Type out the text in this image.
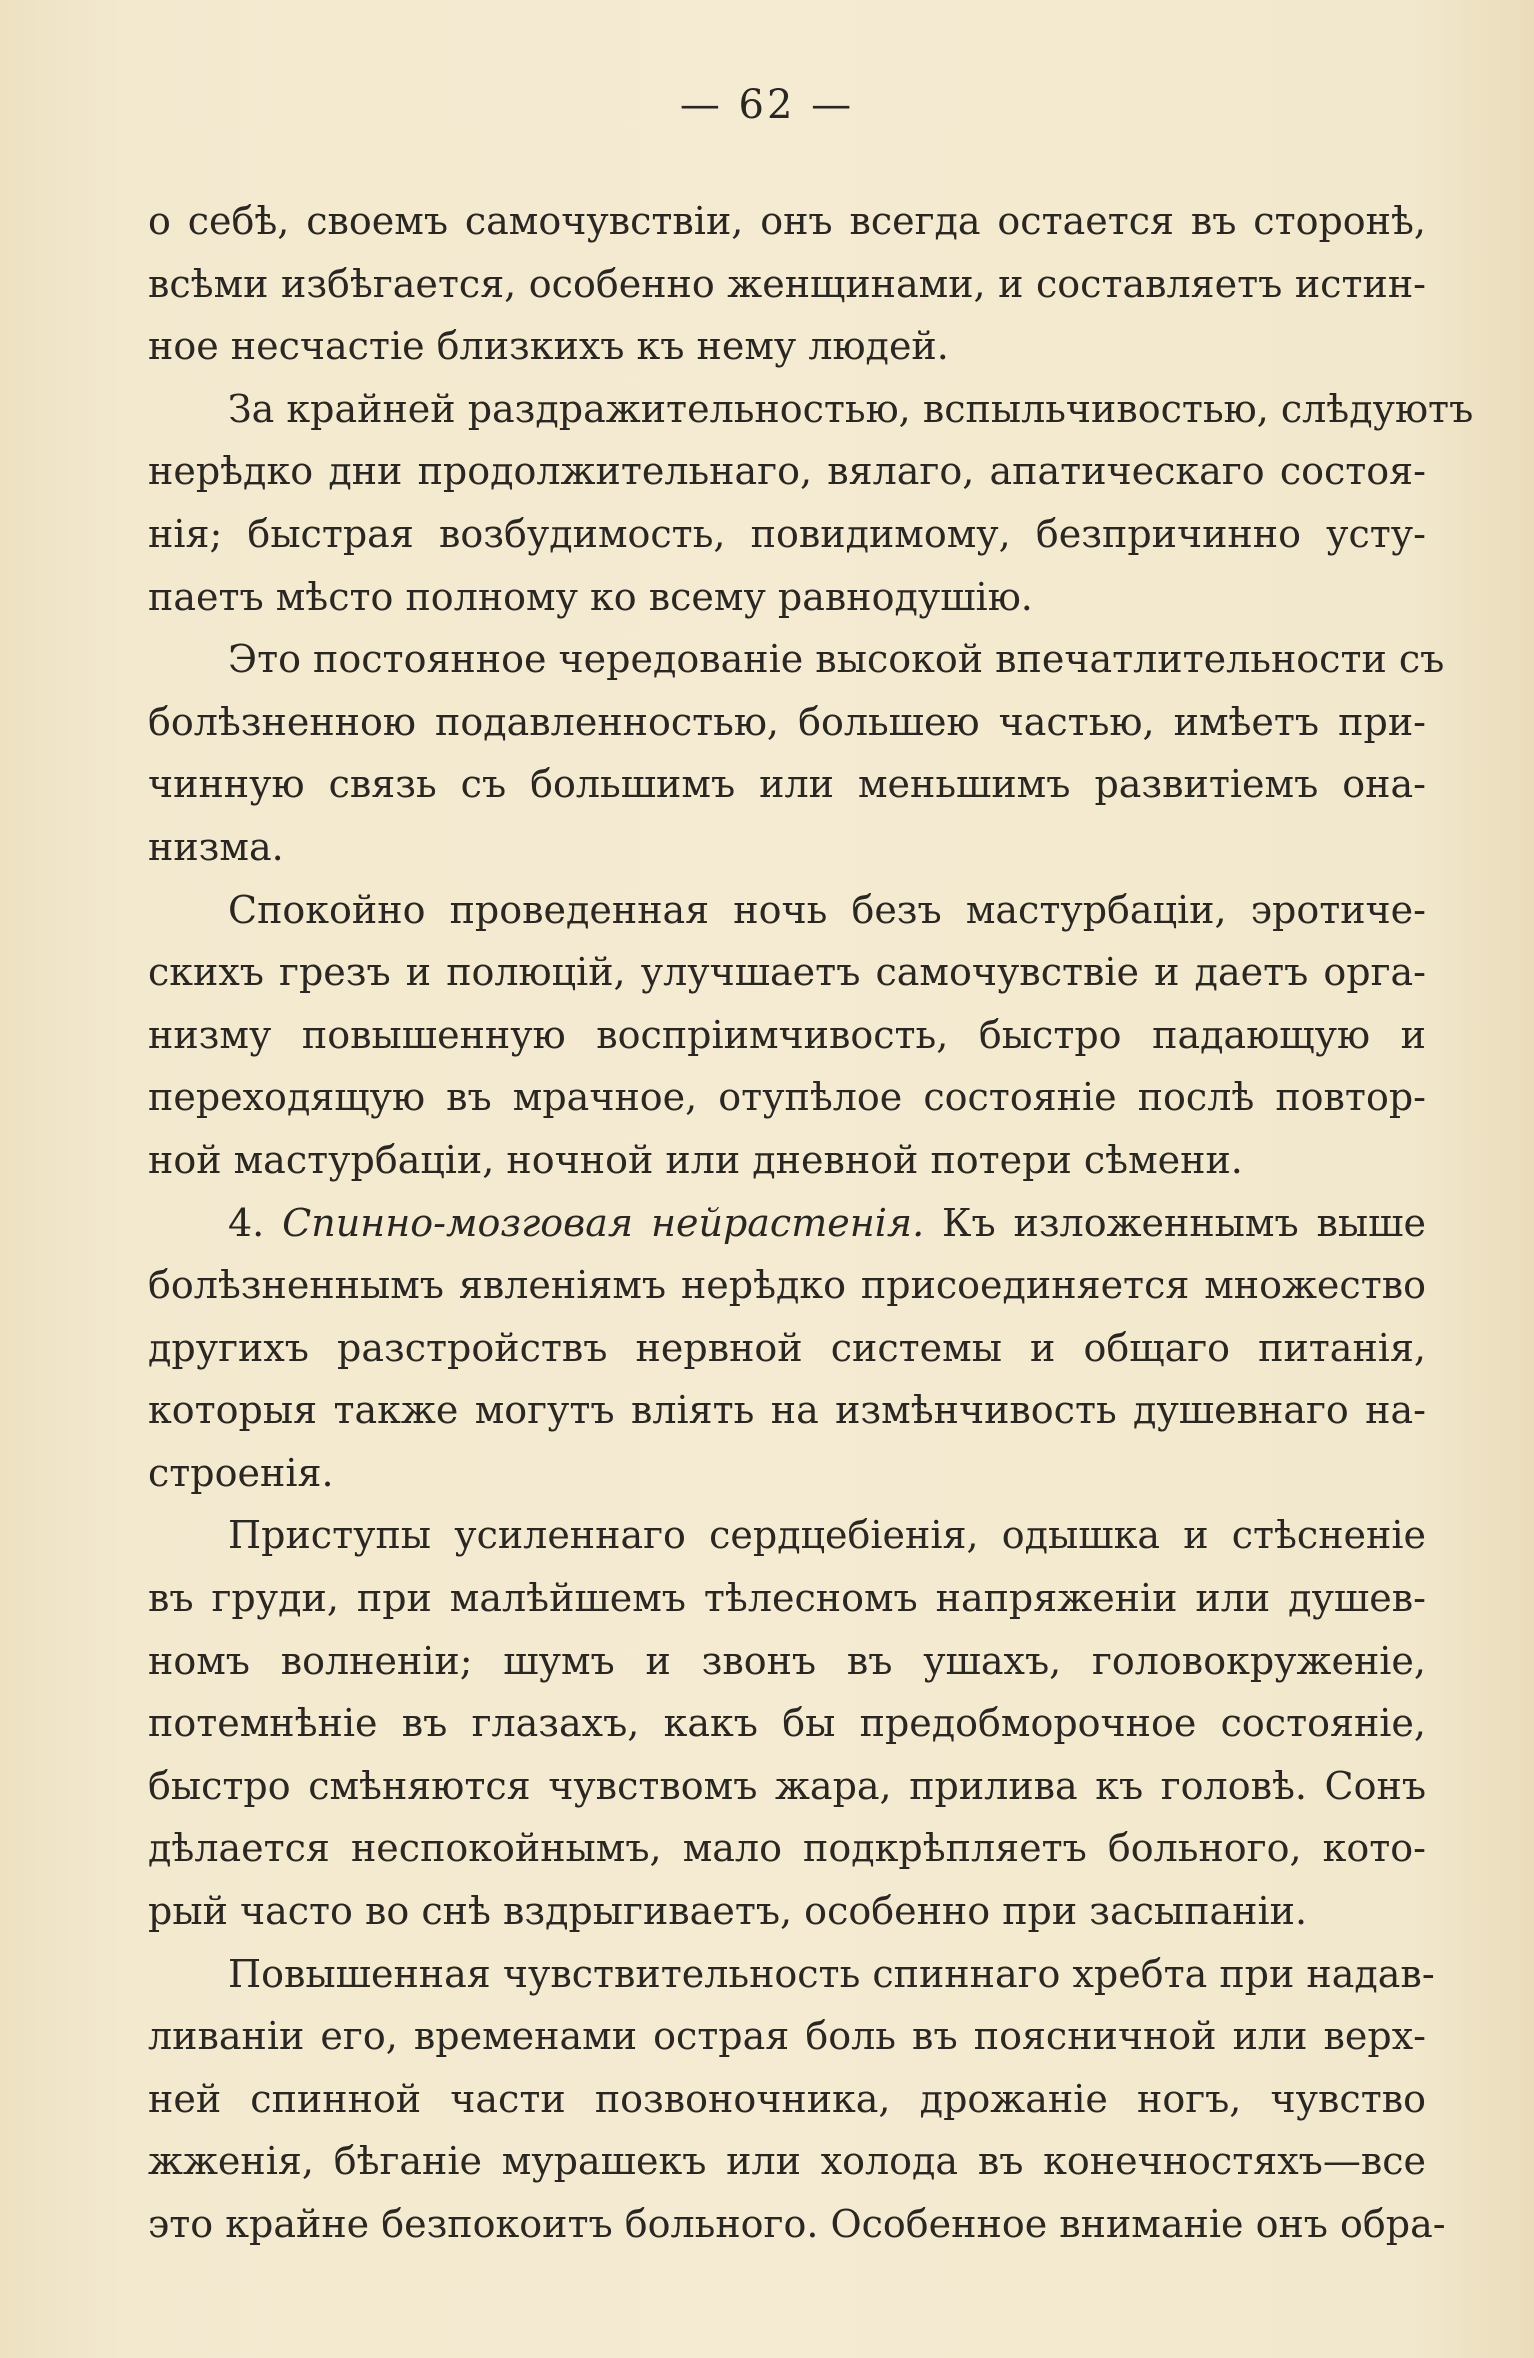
— 62 —
о себѣ, своемъ самочувствіи, онъ всегда остается въ сторонѣ,
всѣми избѣгается, особенно женщинами, и составляетъ истин-
ное несчастіе близкихъ къ нему людей.
За крайней раздражительностью, вспыльчивостью, слѣдуютъ
нерѣдко дни продолжительнаго, вялаго, апатическаго состоя-
нія; быстрая возбудимость, повидимому, безпричинно усту-
паетъ мѣсто полному ко всему равнодушію.
Это постоянное чередованіе высокой впечатлительности съ
болѣзненною подавленностью, большею частью, имѣетъ при-
чинную связь съ большимъ или меньшимъ развитіемъ она-
низма.
Спокойно проведенная ночь безъ мастурбаціи, эротиче-
скихъ грезъ и полюцій, улучшаетъ самочувствіе и даетъ орга-
низму повышенную воспріимчивость, быстро падающую и
переходящую въ мрачное, отупѣлое состояніе послѣ повтор-
ной мастурбаціи, ночной или дневной потери сѣмени.
4. Спинно-мозговая нейрастенія. Къ изложеннымъ выше
болѣзненнымъ явленіямъ нерѣдко присоединяется множество
другихъ разстройствъ нервной системы и общаго питанія,
которыя также могутъ вліять на измѣнчивость душевнаго на-
строенія.
Приступы усиленнаго сердцебіенія, одышка и стѣсненіе
въ груди, при малѣйшемъ тѣлесномъ напряженіи или душев-
номъ волненіи; шумъ и звонъ въ ушахъ, головокруженіе,
потемнѣніе въ глазахъ, какъ бы предобморочное состояніе,
быстро смѣняются чувствомъ жара, прилива къ головѣ. Сонъ
дѣлается неспокойнымъ, мало подкрѣпляетъ больного, кото-
рый часто во снѣ вздрыгиваетъ, особенно при засыпаніи.
Повышенная чувствительность спиннаго хребта при надав-
ливаніи его, временами острая боль въ поясничной или верх-
ней спинной части позвоночника, дрожаніе ногъ, чувство
жженія, бѣганіе мурашекъ или холода въ конечностяхъ—все
это крайне безпокоитъ больного. Особенное вниманіе онъ обра-
